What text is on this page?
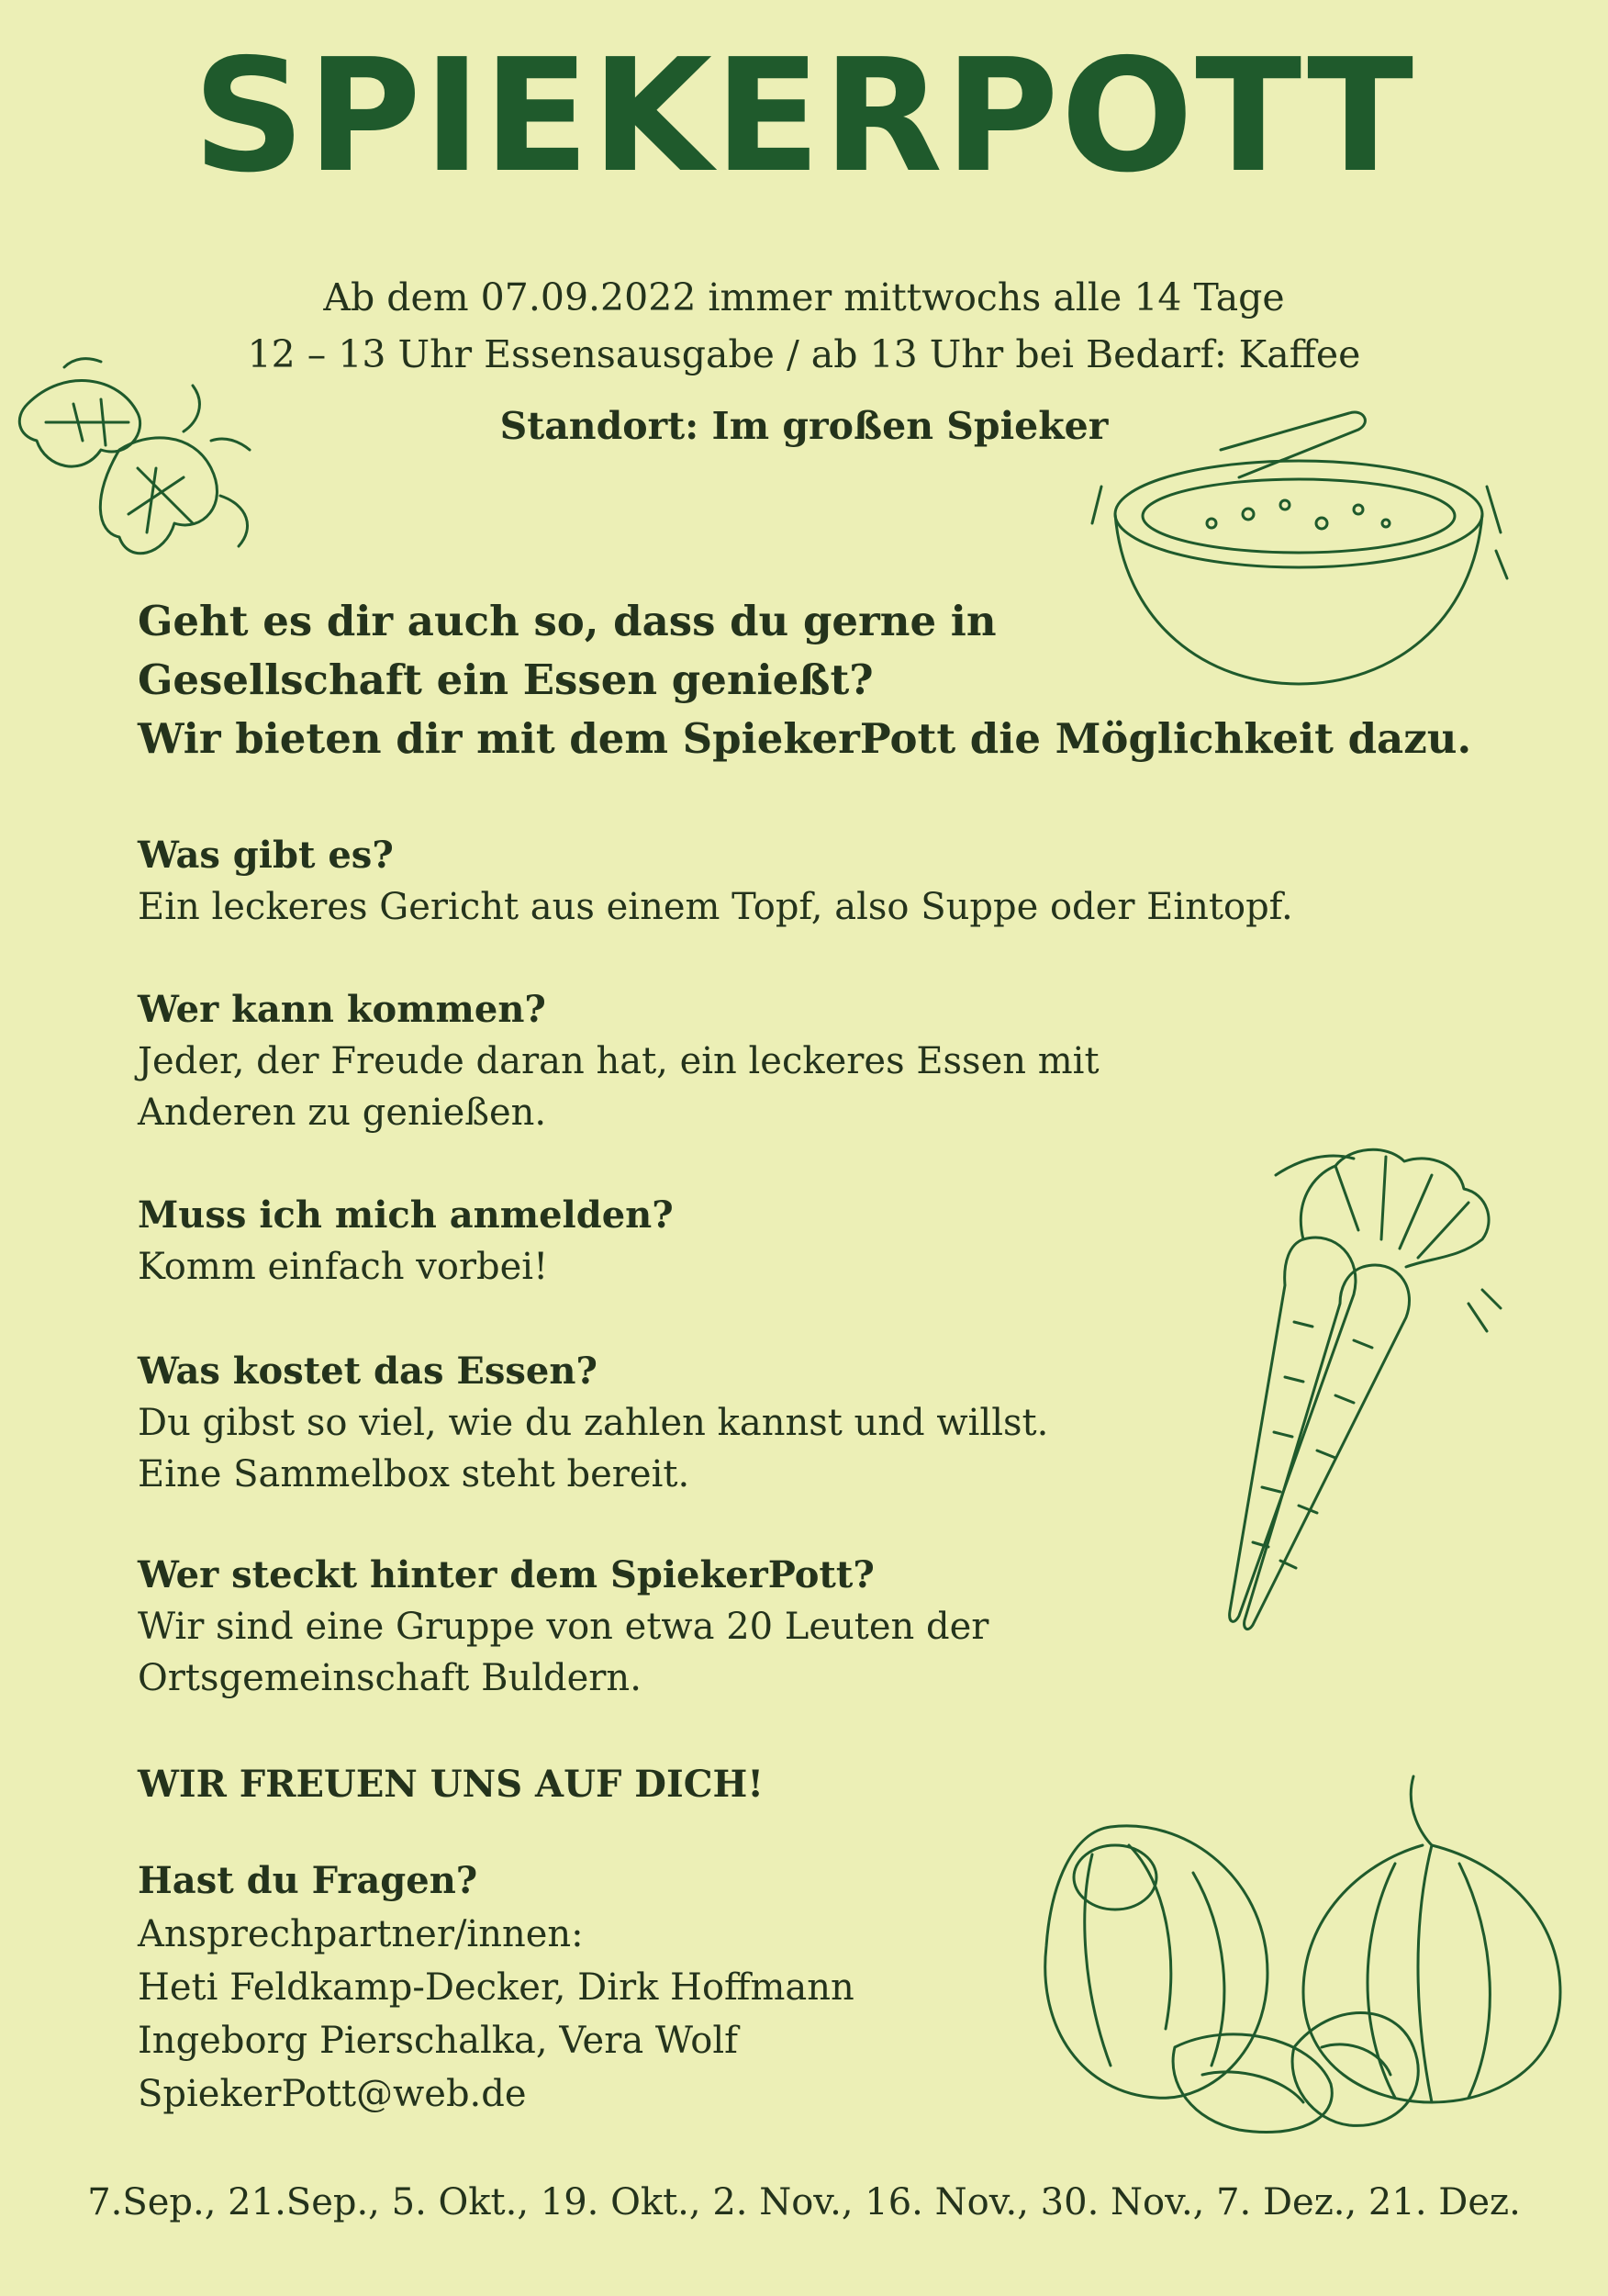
SPIEKERPOTT
Ab dem 07.09.2022 immer mittwochs alle 14 Tage
12 – 13 Uhr Essensausgabe / ab 13 Uhr bei Bedarf: Kaffee
Standort: Im großen Spieker
Geht es dir auch so, dass du gerne in
Gesellschaft ein Essen genießt?
Wir bieten dir mit dem SpiekerPott die Möglichkeit dazu.
Was gibt es?
Ein leckeres Gericht aus einem Topf, also Suppe oder Eintopf.
Wer kann kommen?
Jeder, der Freude daran hat, ein leckeres Essen mit
Anderen zu genießen.
Muss ich mich anmelden?
Komm einfach vorbei!
Was kostet das Essen?
Du gibst so viel, wie du zahlen kannst und willst.
Eine Sammelbox steht bereit.
Wer steckt hinter dem SpiekerPott?
Wir sind eine Gruppe von etwa 20 Leuten der
Ortsgemeinschaft Buldern.
WIR FREUEN UNS AUF DICH!
Hast du Fragen?
Ansprechpartner/innen:
Heti Feldkamp-Decker, Dirk Hoffmann
Ingeborg Pierschalka, Vera Wolf
SpiekerPott@web.de
7.Sep., 21.Sep., 5. Okt., 19. Okt., 2. Nov., 16. Nov., 30. Nov., 7. Dez., 21. Dez.
